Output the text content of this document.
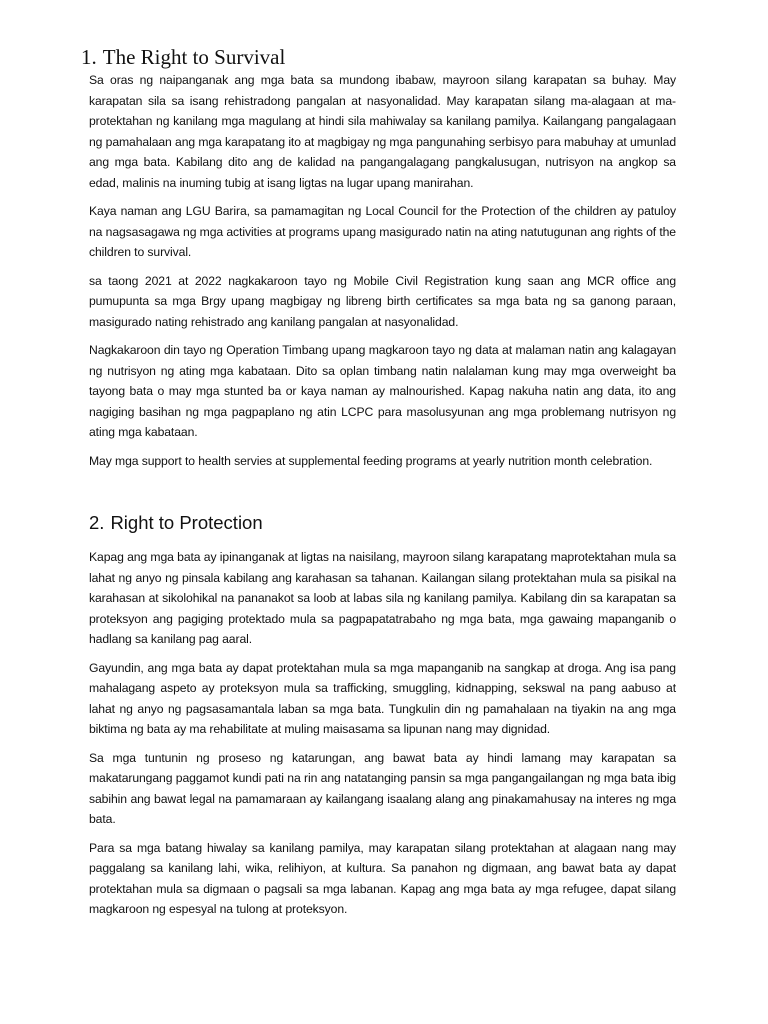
1. The Right to Survival

Sa oras ng naipanganak ang mga bata sa mundong ibabaw, mayroon silang karapatan sa buhay. May karapatan sila sa isang rehistradong pangalan at nasyonalidad. May karapatan silang ma-alagaan at ma-protektahan ng kanilang mga magulang at hindi sila mahiwalay sa kanilang pamilya. Kailangang pangalagaan ng pamahalaan ang mga karapatang ito at magbigay ng mga pangunahing serbisyo para mabuhay at umunlad ang mga bata. Kabilang dito ang de kalidad na pangangalagang pangkalusugan, nutrisyon na angkop sa edad, malinis na inuming tubig at isang ligtas na lugar upang manirahan.

Kaya naman ang LGU Barira, sa pamamagitan ng Local Council for the Protection of the children ay patuloy na nagsasagawa ng mga activities at programs upang masigurado natin na ating natutugunan ang rights of the children to survival.

sa taong 2021 at 2022 nagkakaroon tayo ng Mobile Civil Registration kung saan ang MCR office ang pumupunta sa mga Brgy upang magbigay ng libreng birth certificates sa mga bata ng sa ganong paraan, masigurado nating rehistrado ang kanilang pangalan at nasyonalidad.

Nagkakaroon din tayo ng Operation Timbang upang magkaroon tayo ng data at malaman natin ang kalagayan ng nutrisyon ng ating mga kabataan. Dito sa oplan timbang natin nalalaman kung may mga overweight ba tayong bata o may mga stunted ba or kaya naman ay malnourished. Kapag nakuha natin ang data, ito ang nagiging basihan ng mga pagpaplano ng atin LCPC para masolusyunan ang mga problemang nutrisyon ng ating mga kabataan.

May mga support to health servies at supplemental feeding programs at yearly nutrition month celebration.

2. Right to Protection

Kapag ang mga bata ay ipinanganak at ligtas na naisilang, mayroon silang karapatang maprotektahan mula sa lahat ng anyo ng pinsala kabilang ang karahasan sa tahanan. Kailangan silang protektahan mula sa pisikal na karahasan at sikolohikal na pananakot sa loob at labas sila ng kanilang pamilya. Kabilang din sa karapatan sa proteksyon ang pagiging protektado mula sa pagpapatatrabaho ng mga bata, mga gawaing mapanganib o hadlang sa kanilang pag aaral.

Gayundin, ang mga bata ay dapat protektahan mula sa mga mapanganib na sangkap at droga. Ang isa pang mahalagang aspeto ay proteksyon mula sa trafficking, smuggling, kidnapping, sekswal na pang aabuso at lahat ng anyo ng pagsasamantala laban sa mga bata. Tungkulin din ng pamahalaan na tiyakin na ang mga biktima ng bata ay ma rehabilitate at muling maisasama sa lipunan nang may dignidad.

Sa mga tuntunin ng proseso ng katarungan, ang bawat bata ay hindi lamang may karapatan sa makatarungang paggamot kundi pati na rin ang natatanging pansin sa mga pangangailangan ng mga bata ibig sabihin ang bawat legal na pamamaraan ay kailangang isaalang alang ang pinakamahusay na interes ng mga bata.

Para sa mga batang hiwalay sa kanilang pamilya, may karapatan silang protektahan at alagaan nang may paggalang sa kanilang lahi, wika, relihiyon, at kultura. Sa panahon ng digmaan, ang bawat bata ay dapat protektahan mula sa digmaan o pagsali sa mga labanan. Kapag ang mga bata ay mga refugee, dapat silang magkaroon ng espesyal na tulong at proteksyon.
